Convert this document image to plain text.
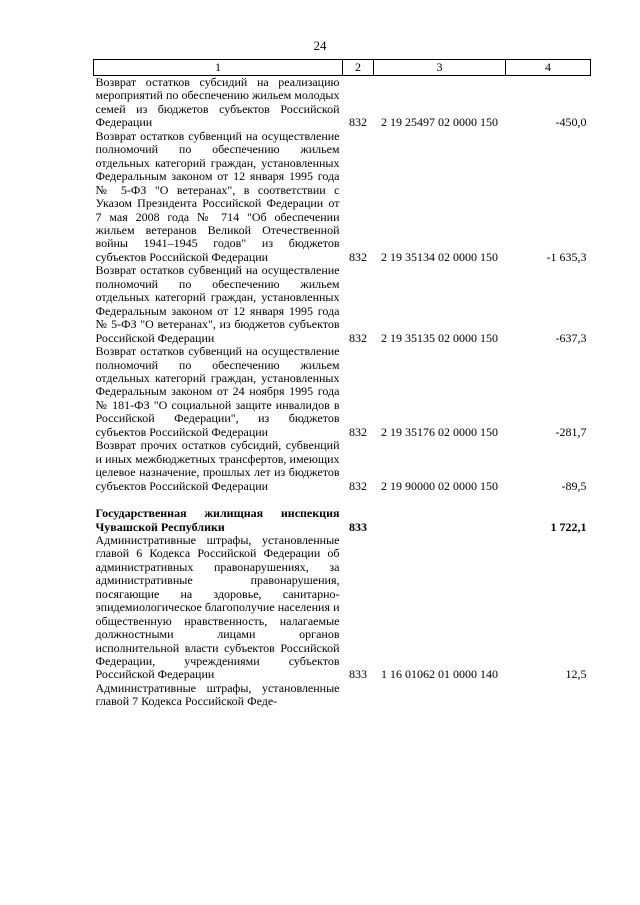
24
1	2	3	4
Возврат остатков субсидий на реализацию мероприятий по обеспечению жильем молодых семей из бюджетов субъектов Российской Федерации	832	2 19 25497 02 0000 150	-450,0
Возврат остатков субвенций на осуществление полномочий по обеспечению жильем отдельных категорий граждан, установленных Федеральным законом от 12 января 1995 года № 5-ФЗ "О ветеранах", в соответствии с Указом Президента Российской Федерации от 7 мая 2008 года № 714 "Об обеспечении жильем ветеранов Великой Отечественной войны 1941–1945 годов" из бюджетов субъектов Российской Федерации	832	2 19 35134 02 0000 150	-1 635,3
Возврат остатков субвенций на осуществление полномочий по обеспечению жильем отдельных категорий граждан, установленных Федеральным законом от 12 января 1995 года № 5-ФЗ "О ветеранах", из бюджетов субъектов Российской Федерации	832	2 19 35135 02 0000 150	-637,3
Возврат остатков субвенций на осуществление полномочий по обеспечению жильем отдельных категорий граждан, установленных Федеральным законом от 24 ноября 1995 года № 181-ФЗ "О социальной защите инвалидов в Российской Федерации", из бюджетов субъектов Российской Федерации	832	2 19 35176 02 0000 150	-281,7
Возврат прочих остатков субсидий, субвенций и иных межбюджетных трансфертов, имеющих целевое назначение, прошлых лет из бюджетов субъектов Российской Федерации	832	2 19 90000 02 0000 150	-89,5

Государственная жилищная инспекция Чувашской Республики	833		1 722,1
Административные штрафы, установленные главой 6 Кодекса Российской Федерации об административных правонарушениях, за административные правонарушения, посягающие на здоровье, санитарно-эпидемиологическое благополучие населения и общественную нравственность, налагаемые должностными лицами органов исполнительной власти субъектов Российской Федерации, учреждениями субъектов Российской Федерации	833	1 16 01062 01 0000 140	12,5
Административные штрафы, установленные главой 7 Кодекса Российской Феде-			
